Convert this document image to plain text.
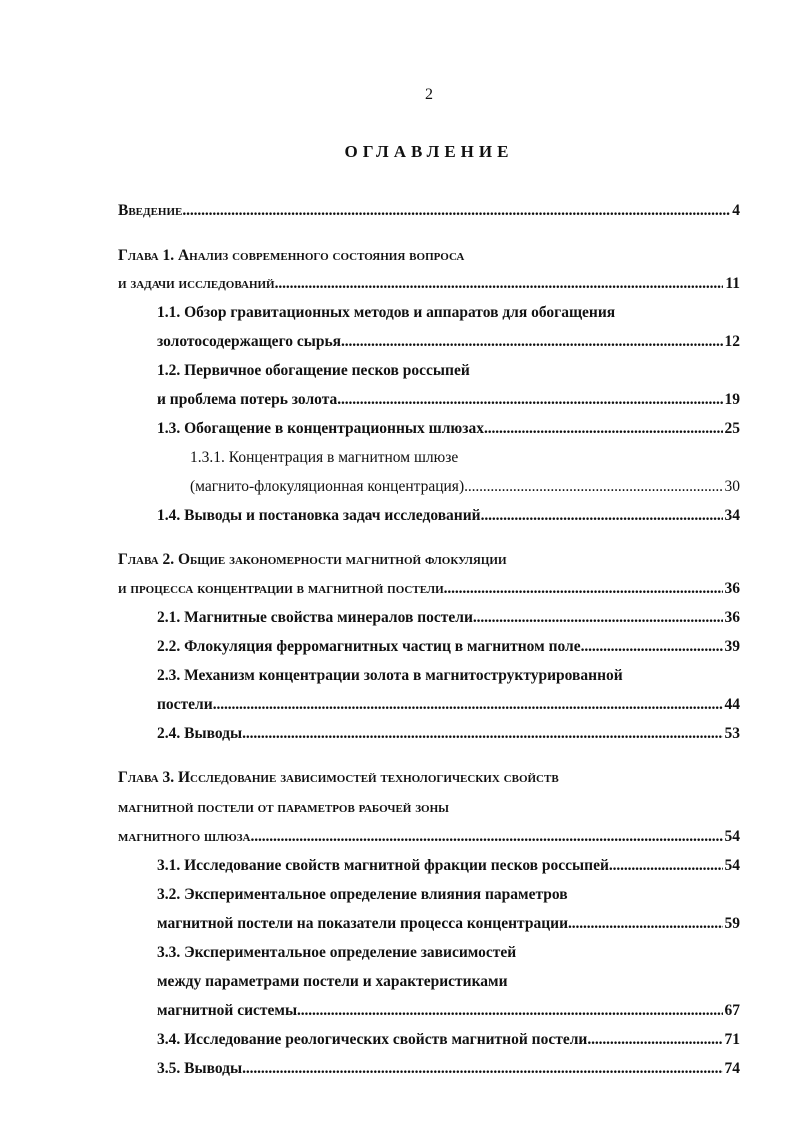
2
ОГЛАВЛЕНИЕ
Введение . . .	4
Глава 1. Анализ современного состояния вопроса
и задачи исследований . . .	11
1.1. Обзор гравитационных методов и аппаратов для обогащения
золотосодержащего сырья . . .	12
1.2. Первичное обогащение песков россыпей
и проблема потерь золота . . .	19
1.3. Обогащение в концентрационных шлюзах . . .	25
1.3.1. Концентрация в магнитном шлюзе
(магнито-флокуляционная концентрация) . . .	30
1.4. Выводы и постановка задач исследований . . .	34
Глава 2. Общие закономерности магнитной флокуляции
и процесса концентрации в магнитной постели . . .	36
2.1. Магнитные свойства минералов постели . . .	36
2.2. Флокуляция ферромагнитных частиц в магнитном поле . . .	39
2.3. Механизм концентрации золота в магнитоструктурированной
постели . . .	44
2.4. Выводы . . .	53
Глава 3. Исследование зависимостей технологических свойств
магнитной постели от параметров рабочей зоны
магнитного шлюза . . .	54
3.1. Исследование свойств магнитной фракции песков россыпей . . .	54
3.2. Экспериментальное определение влияния параметров
магнитной постели на показатели процесса концентрации . . .	59
3.3. Экспериментальное определение зависимостей
между параметрами постели и характеристиками
магнитной системы . . .	67
3.4. Исследование реологических свойств магнитной постели . . .	71
3.5. Выводы . . .	74
